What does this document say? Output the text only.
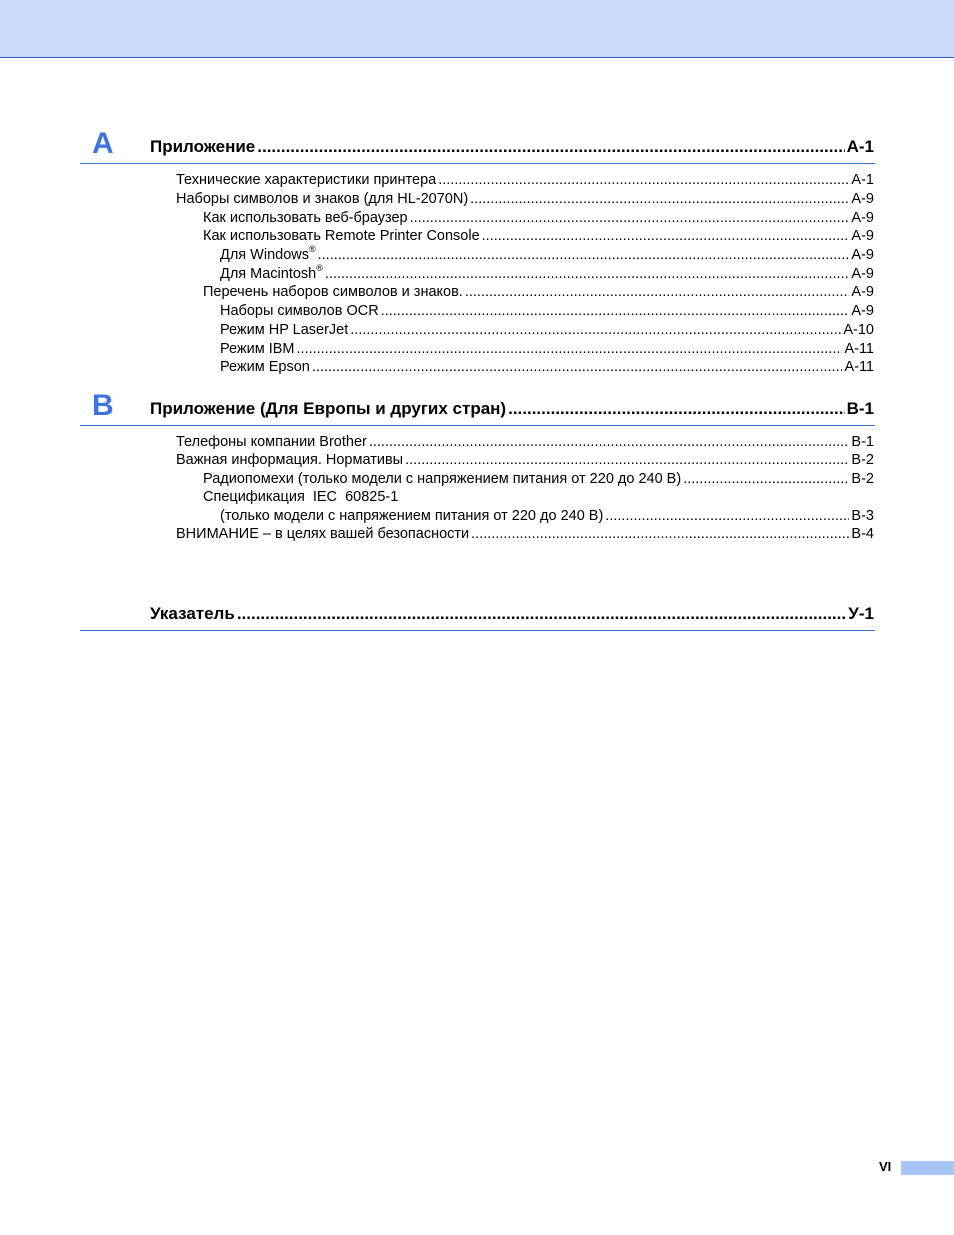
A Приложение .....	A-1
Технические характеристики принтера .....	A-1
Наборы символов и знаков (для HL-2070N) .....	A-9
Как использовать веб-браузер .....	A-9
Как использовать Remote Printer Console .....	A-9
Для Windows® .....	A-9
Для Macintosh® .....	A-9
Перечень наборов символов и знаков. .....	A-9
Наборы символов OCR .....	A-9
Режим HP LaserJet .....	A-10
Режим IBM .....	A-11
Режим Epson .....	A-11
B Приложение (Для Европы и других стран) .....	B-1
Телефоны компании Brother .....	B-1
Важная информация. Нормативы .....	B-2
Радиопомехи (только модели с напряжением питания от 220 до 240 В) .....	B-2
Спецификация  IEC  60825-1
(только модели с напряжением питания от 220 до 240 В) .....	B-3
ВНИМАНИЕ – в целях вашей безопасности .....	B-4
Указатель .....	У-1
VI
